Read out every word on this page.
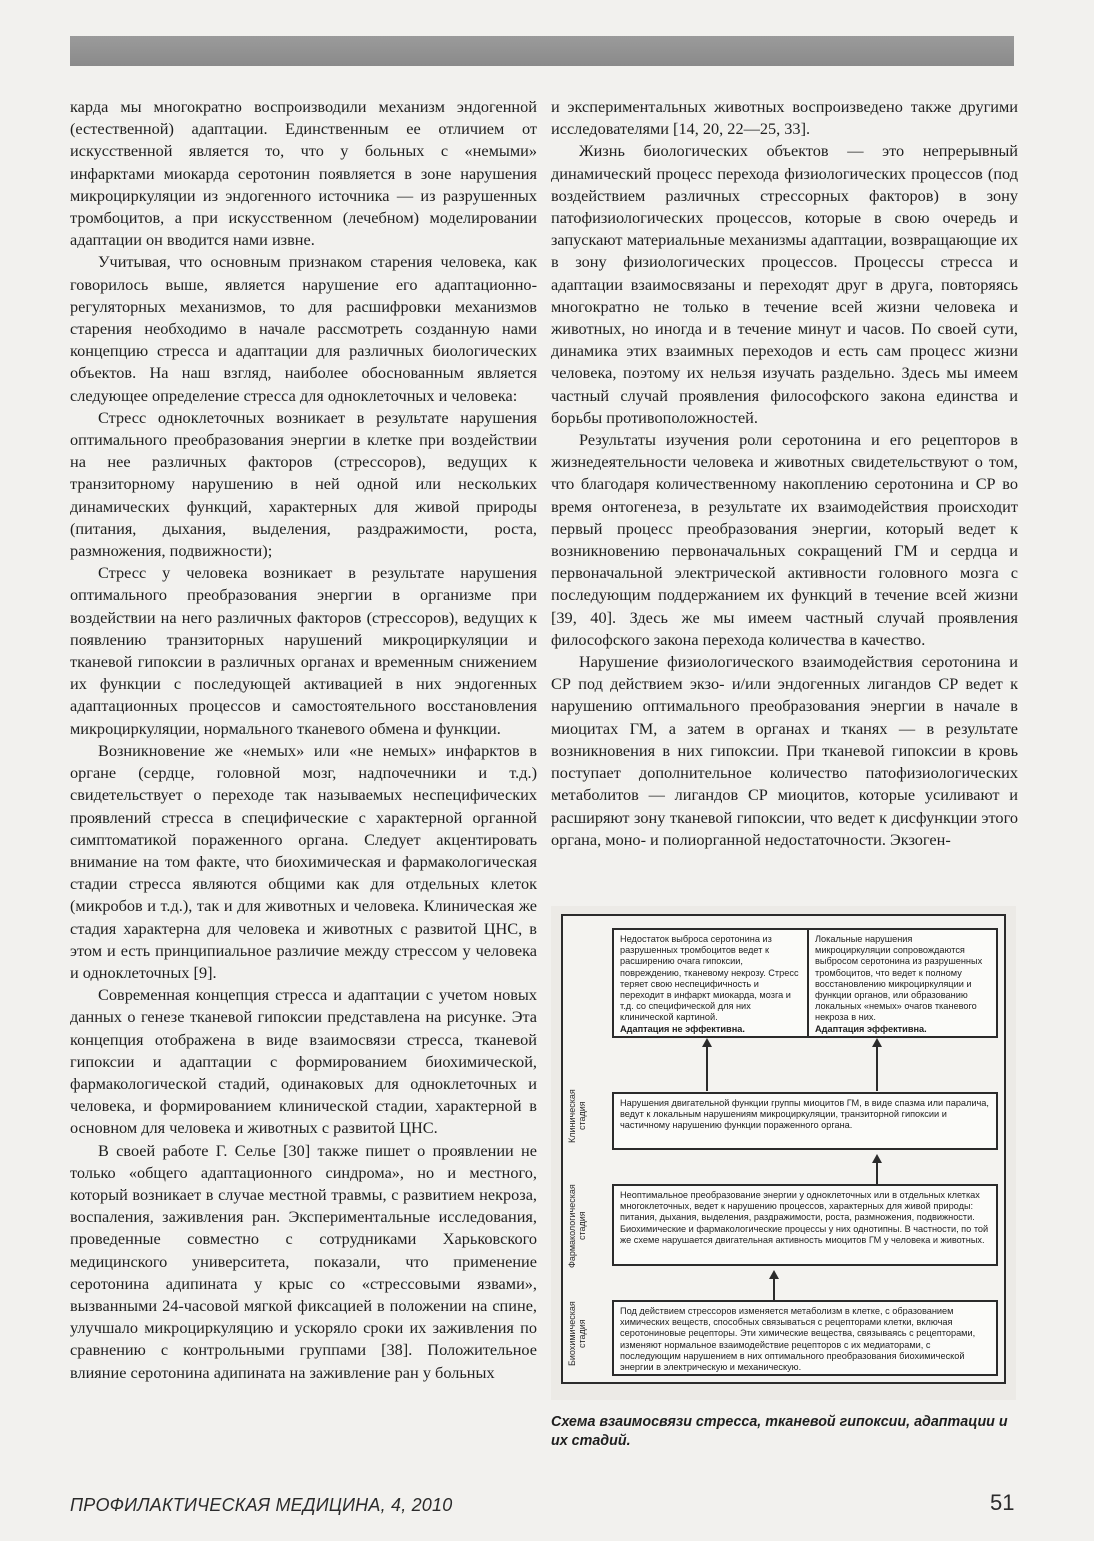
карда мы многократно воспроизводили механизм эндогенной (естественной) адаптации. Единственным ее отличием от искусственной является то, что у больных с «немыми» инфарктами миокарда серотонин появляется в зоне нарушения микроциркуляции из эндогенного источника — из разрушенных тромбоцитов, а при искусственном (лечебном) моделировании адаптации он вводится нами извне.

Учитывая, что основным признаком старения человека, как говорилось выше, является нарушение его адаптационно-регуляторных механизмов, то для расшифровки механизмов старения необходимо в начале рассмотреть созданную нами концепцию стресса и адаптации для различных биологических объектов. На наш взгляд, наиболее обоснованным является следующее определение стресса для одноклеточных и человека:

Стресс одноклеточных возникает в результате нарушения оптимального преобразования энергии в клетке при воздействии на нее различных факторов (стрессоров), ведущих к транзиторному нарушению в ней одной или нескольких динамических функций, характерных для живой природы (питания, дыхания, выделения, раздражимости, роста, размножения, подвижности);

Стресс у человека возникает в результате нарушения оптимального преобразования энергии в организме при воздействии на него различных факторов (стрессоров), ведущих к появлению транзиторных нарушений микроциркуляции и тканевой гипоксии в различных органах и временным снижением их функции с последующей активацией в них эндогенных адаптационных процессов и самостоятельного восстановления микроциркуляции, нормального тканевого обмена и функции.

Возникновение же «немых» или «не немых» инфарктов в органе (сердце, головной мозг, надпочечники и т.д.) свидетельствует о переходе так называемых неспецифических проявлений стресса в специфические с характерной органной симптоматикой пораженного органа. Следует акцентировать внимание на том факте, что биохимическая и фармакологическая стадии стресса являются общими как для отдельных клеток (микробов и т.д.), так и для животных и человека. Клиническая же стадия характерна для человека и животных с развитой ЦНС, в этом и есть принципиальное различие между стрессом у человека и одноклеточных [9].

Современная концепция стресса и адаптации с учетом новых данных о генезе тканевой гипоксии представлена на рисунке. Эта концепция отображена в виде взаимосвязи стресса, тканевой гипоксии и адаптации с формированием биохимической, фармакологической стадий, одинаковых для одноклеточных и человека, и формированием клинической стадии, характерной в основном для человека и животных с развитой ЦНС.

В своей работе Г. Селье [30] также пишет о проявлении не только «общего адаптационного синдрома», но и местного, который возникает в случае местной травмы, с развитием некроза, воспаления, заживления ран. Экспериментальные исследования, проведенные совместно с сотрудниками Харьковского медицинского университета, показали, что применение серотонина адипината у крыс со «стрессовыми язвами», вызванными 24-часовой мягкой фиксацией в положении на спине, улучшало микроциркуляцию и ускоряло сроки их заживления по сравнению с контрольными группами [38]. Положительное влияние серотонина адипината на заживление ран у больных

и экспериментальных животных воспроизведено также другими исследователями [14, 20, 22—25, 33].

Жизнь биологических объектов — это непрерывный динамический процесс перехода физиологических процессов (под воздействием различных стрессорных факторов) в зону патофизиологических процессов, которые в свою очередь и запускают материальные механизмы адаптации, возвращающие их в зону физиологических процессов. Процессы стресса и адаптации взаимосвязаны и переходят друг в друга, повторяясь многократно не только в течение всей жизни человека и животных, но иногда и в течение минут и часов. По своей сути, динамика этих взаимных переходов и есть сам процесс жизни человека, поэтому их нельзя изучать раздельно. Здесь мы имеем частный случай проявления философского закона единства и борьбы противоположностей.

Результаты изучения роли серотонина и его рецепторов в жизнедеятельности человека и животных свидетельствуют о том, что благодаря количественному накоплению серотонина и СР во время онтогенеза, в результате их взаимодействия происходит первый процесс преобразования энергии, который ведет к возникновению первоначальных сокращений ГМ и сердца и первоначальной электрической активности головного мозга с последующим поддержанием их функций в течение всей жизни [39, 40]. Здесь же мы имеем частный случай проявления философского закона перехода количества в качество.

Нарушение физиологического взаимодействия серотонина и СР под действием экзо- и/или эндогенных лигандов СР ведет к нарушению оптимального преобразования энергии в начале в миоцитах ГМ, а затем в органах и тканях — в результате возникновения в них гипоксии. При тканевой гипоксии в кровь поступает дополнительное количество патофизиологических метаболитов — лигандов СР миоцитов, которые усиливают и расширяют зону тканевой гипоксии, что ведет к дисфункции этого органа, моно- и полиорганной недостаточности. Экзоген-

Недостаток выброса серотонина из разрушенных тромбоцитов ведет к расширению очага гипоксии, повреждению, тканевому некрозу. Стресс теряет свою неспецифичность и переходит в инфаркт миокарда, мозга и т.д. со специфической для них клинической картиной.
Адаптация не эффективна.
Локальные нарушения микроциркуляции сопровождаются выбросом серотонина из разрушенных тромбоцитов, что ведет к полному восстановлению микроциркуляции и функции органов, или образованию локальных «немых» очагов тканевого некроза в них.
Адаптация эффективна.
Клиническая стадия	Нарушения двигательной функции группы миоцитов ГМ, в виде спазма или паралича, ведут к локальным нарушениям микроциркуляции, транзиторной гипоксии и частичному нарушению функции пораженного органа.
Фармакологическая стадия
Неоптимальное преобразование энергии у одноклеточных или в отдельных клетках многоклеточных, ведет к нарушению процессов, характерных для живой природы: питания, дыхания, выделения, раздражимости, роста, размножения, подвижности. Биохимические и фармакологические процессы у них однотипны. В частности, по той же схеме нарушается двигательная активность миоцитов ГМ у человека и животных.
Биохимическая стадия
Под действием стрессоров изменяется метаболизм в клетке, с образованием химических веществ, способных связываться с рецепторами клетки, включая серотониновые рецепторы. Эти химические вещества, связываясь с рецепторами, изменяют нормальное взаимодействие рецепторов с их медиаторами, с последующим нарушением в них оптимального преобразования биохимической энергии в электрическую и механическую.
Схема взаимосвязи стресса, тканевой гипоксии, адаптации и их стадий.
ПРОФИЛАКТИЧЕСКАЯ МЕДИЦИНА, 4, 2010	51
